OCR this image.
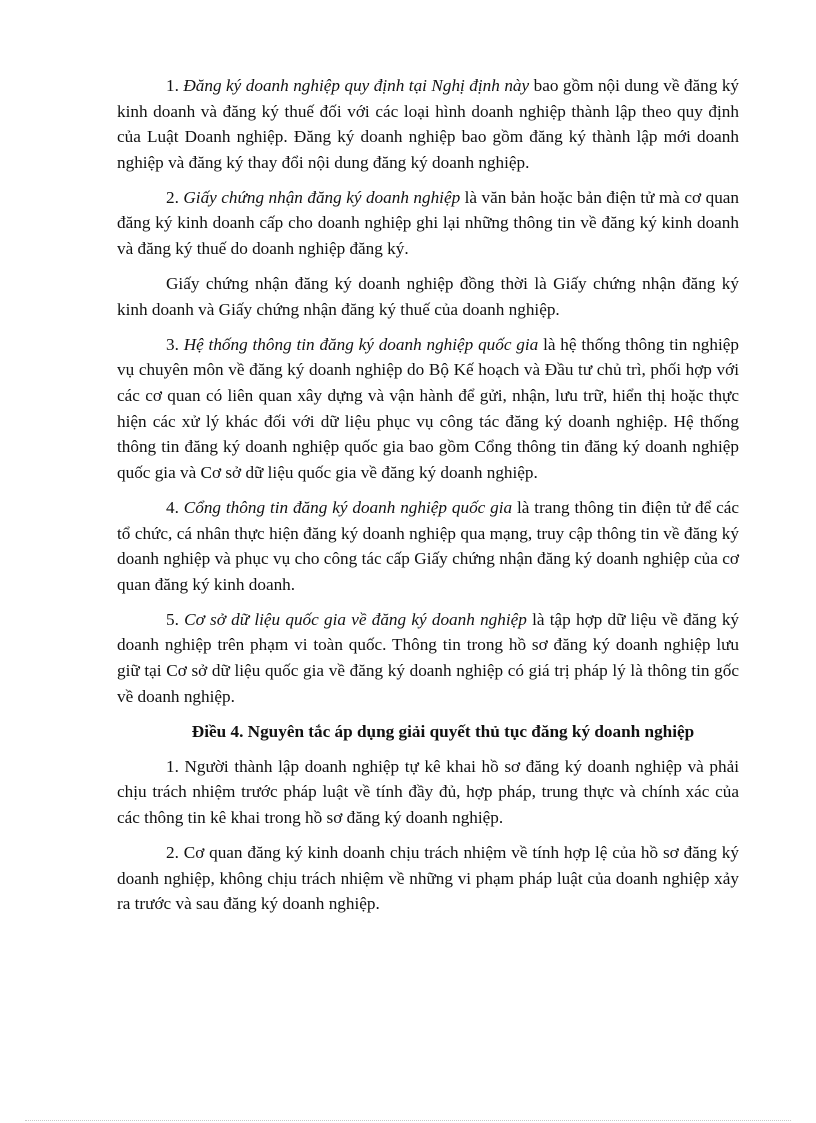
1. Đăng ký doanh nghiệp quy định tại Nghị định này bao gồm nội dung về đăng ký kinh doanh và đăng ký thuế đối với các loại hình doanh nghiệp thành lập theo quy định của Luật Doanh nghiệp. Đăng ký doanh nghiệp bao gồm đăng ký thành lập mới doanh nghiệp và đăng ký thay đổi nội dung đăng ký doanh nghiệp.

2. Giấy chứng nhận đăng ký doanh nghiệp là văn bản hoặc bản điện tử mà cơ quan đăng ký kinh doanh cấp cho doanh nghiệp ghi lại những thông tin về đăng ký kinh doanh và đăng ký thuế do doanh nghiệp đăng ký.

Giấy chứng nhận đăng ký doanh nghiệp đồng thời là Giấy chứng nhận đăng ký kinh doanh và Giấy chứng nhận đăng ký thuế của doanh nghiệp.

3. Hệ thống thông tin đăng ký doanh nghiệp quốc gia là hệ thống thông tin nghiệp vụ chuyên môn về đăng ký doanh nghiệp do Bộ Kế hoạch và Đầu tư chủ trì, phối hợp với các cơ quan có liên quan xây dựng và vận hành để gửi, nhận, lưu trữ, hiển thị hoặc thực hiện các xử lý khác đối với dữ liệu phục vụ công tác đăng ký doanh nghiệp. Hệ thống thông tin đăng ký doanh nghiệp quốc gia bao gồm Cổng thông tin đăng ký doanh nghiệp quốc gia và Cơ sở dữ liệu quốc gia về đăng ký doanh nghiệp.

4. Cổng thông tin đăng ký doanh nghiệp quốc gia là trang thông tin điện tử để các tổ chức, cá nhân thực hiện đăng ký doanh nghiệp qua mạng, truy cập thông tin về đăng ký doanh nghiệp và phục vụ cho công tác cấp Giấy chứng nhận đăng ký doanh nghiệp của cơ quan đăng ký kinh doanh.

5. Cơ sở dữ liệu quốc gia về đăng ký doanh nghiệp là tập hợp dữ liệu về đăng ký doanh nghiệp trên phạm vi toàn quốc. Thông tin trong hồ sơ đăng ký doanh nghiệp lưu giữ tại Cơ sở dữ liệu quốc gia về đăng ký doanh nghiệp có giá trị pháp lý là thông tin gốc về doanh nghiệp.

Điều 4. Nguyên tắc áp dụng giải quyết thủ tục đăng ký doanh nghiệp

1. Người thành lập doanh nghiệp tự kê khai hồ sơ đăng ký doanh nghiệp và phải chịu trách nhiệm trước pháp luật về tính đầy đủ, hợp pháp, trung thực và chính xác của các thông tin kê khai trong hồ sơ đăng ký doanh nghiệp.

2. Cơ quan đăng ký kinh doanh chịu trách nhiệm về tính hợp lệ của hồ sơ đăng ký doanh nghiệp, không chịu trách nhiệm về những vi phạm pháp luật của doanh nghiệp xảy ra trước và sau đăng ký doanh nghiệp.
